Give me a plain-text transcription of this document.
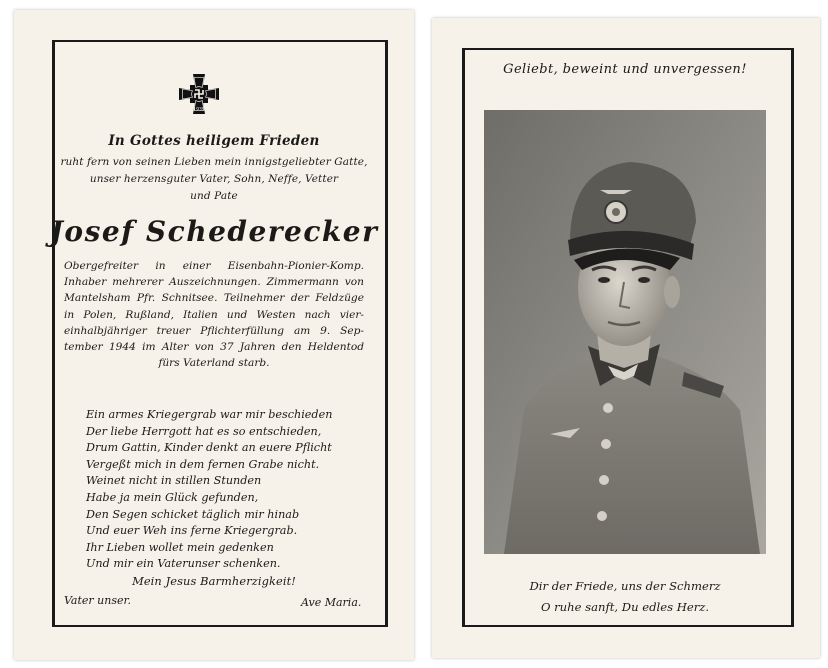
1939
In Gottes heiligem Frieden
ruht fern von seinen Lieben mein innigstgeliebter Gatte,
unser herzensguter Vater, Sohn, Neffe, Vetter
und Pate
Josef Schederecker
Obergefreiter in einer Eisenbahn-Pionier-Komp.
Inhaber mehrerer Auszeichnungen. Zimmermann von
Mantelsham Pfr. Schnitsee. Teilnehmer der Feldzüge
in Polen, Rußland, Italien und Westen nach vier-
einhalbjähriger treuer Pflichterfüllung am 9. Sep-
tember 1944 im Alter von 37 Jahren den Heldentod
fürs Vaterland starb.
Ein armes Kriegergrab war mir beschieden
Der liebe Herrgott hat es so entschieden,
Drum Gattin, Kinder denkt an euere Pflicht
Vergeßt mich in dem fernen Grabe nicht.
Weinet nicht in stillen Stunden
Habe ja mein Glück gefunden,
Den Segen schicket täglich mir hinab
Und euer Weh ins ferne Kriegergrab.
Ihr Lieben wollet mein gedenken
Und mir ein Vaterunser schenken.
Mein Jesus Barmherzigkeit!
Vater unser.	Ave Maria.
Geliebt, beweint und unvergessen!
Dir der Friede, uns der Schmerz
O ruhe sanft, Du edles Herz.
